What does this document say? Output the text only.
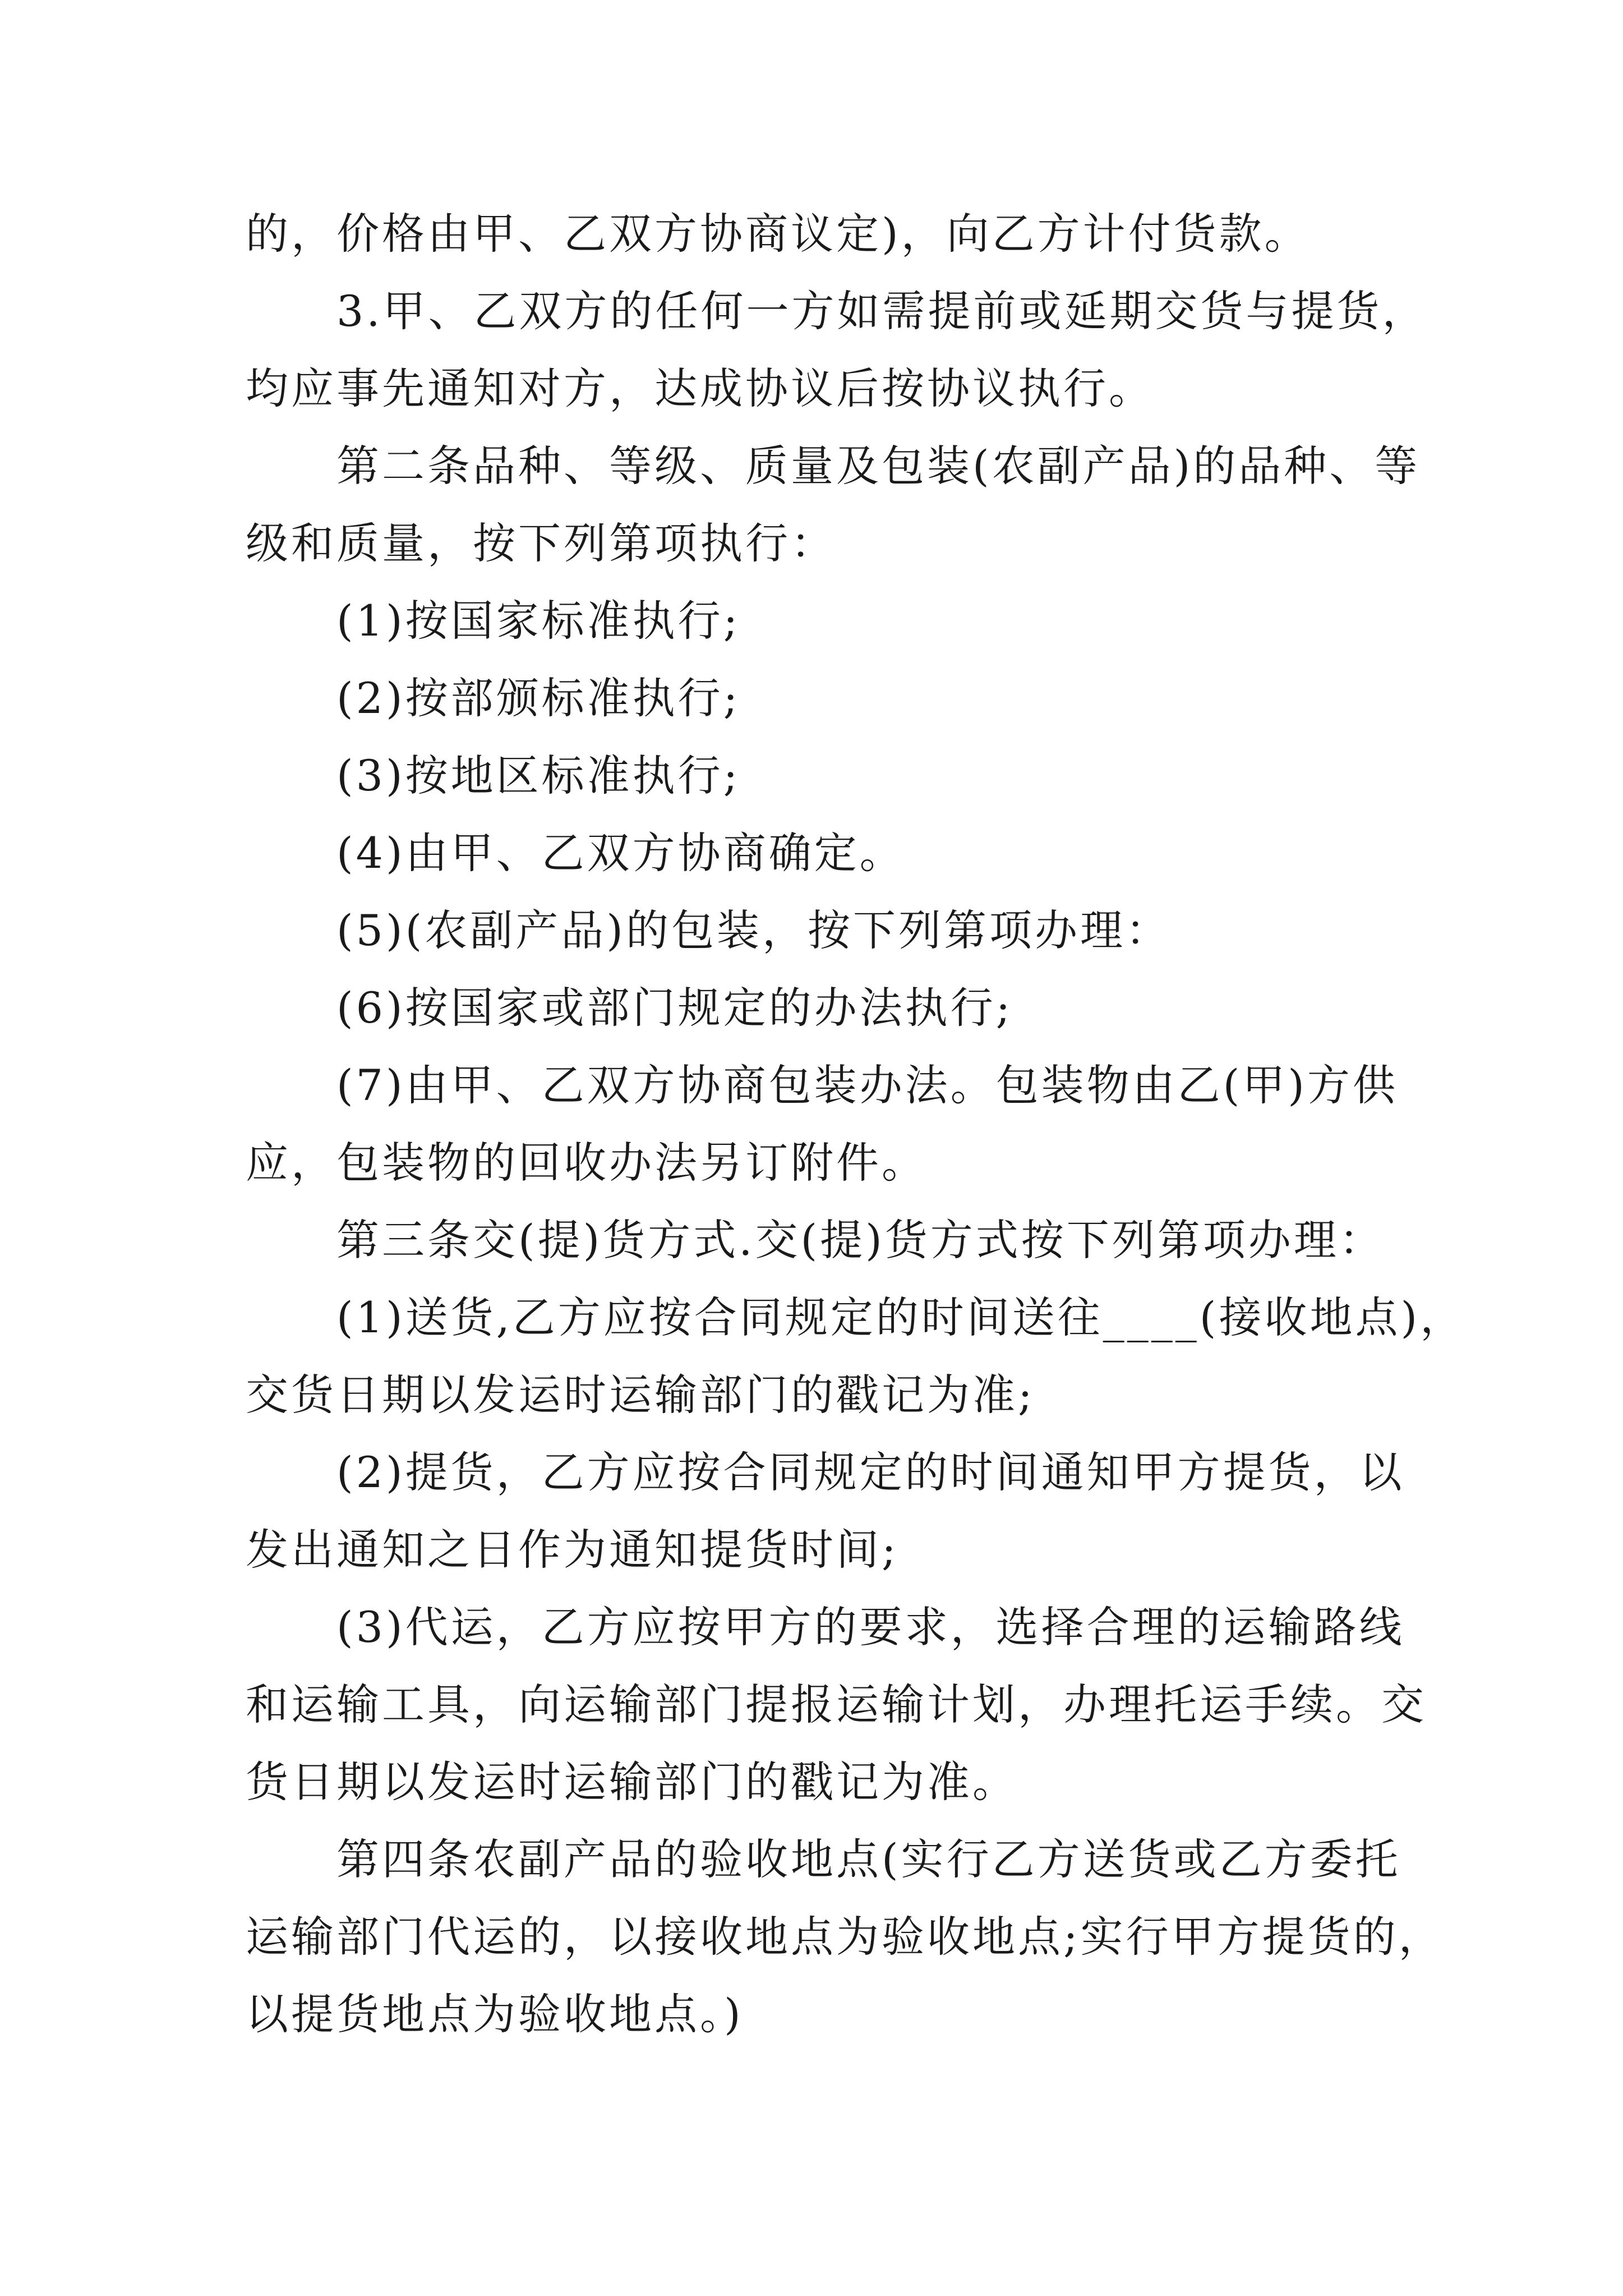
的，价格由甲、乙双方协商议定)，向乙方计付货款。
3.甲、乙双方的任何一方如需提前或延期交货与提货，
均应事先通知对方，达成协议后按协议执行。
第二条品种、等级、质量及包装(农副产品)的品种、等
级和质量，按下列第项执行：
(1)按国家标准执行;
(2)按部颁标准执行;
(3)按地区标准执行;
(4)由甲、乙双方协商确定。
(5)(农副产品)的包装，按下列第项办理：
(6)按国家或部门规定的办法执行;
(7)由甲、乙双方协商包装办法。包装物由乙(甲)方供
应，包装物的回收办法另订附件。
第三条交(提)货方式.交(提)货方式按下列第项办理：
(1)送货,乙方应按合同规定的时间送往____(接收地点)，
交货日期以发运时运输部门的戳记为准;
(2)提货，乙方应按合同规定的时间通知甲方提货，以
发出通知之日作为通知提货时间;
(3)代运，乙方应按甲方的要求，选择合理的运输路线
和运输工具，向运输部门提报运输计划，办理托运手续。交
货日期以发运时运输部门的戳记为准。
第四条农副产品的验收地点(实行乙方送货或乙方委托
运输部门代运的，以接收地点为验收地点;实行甲方提货的，
以提货地点为验收地点。)
